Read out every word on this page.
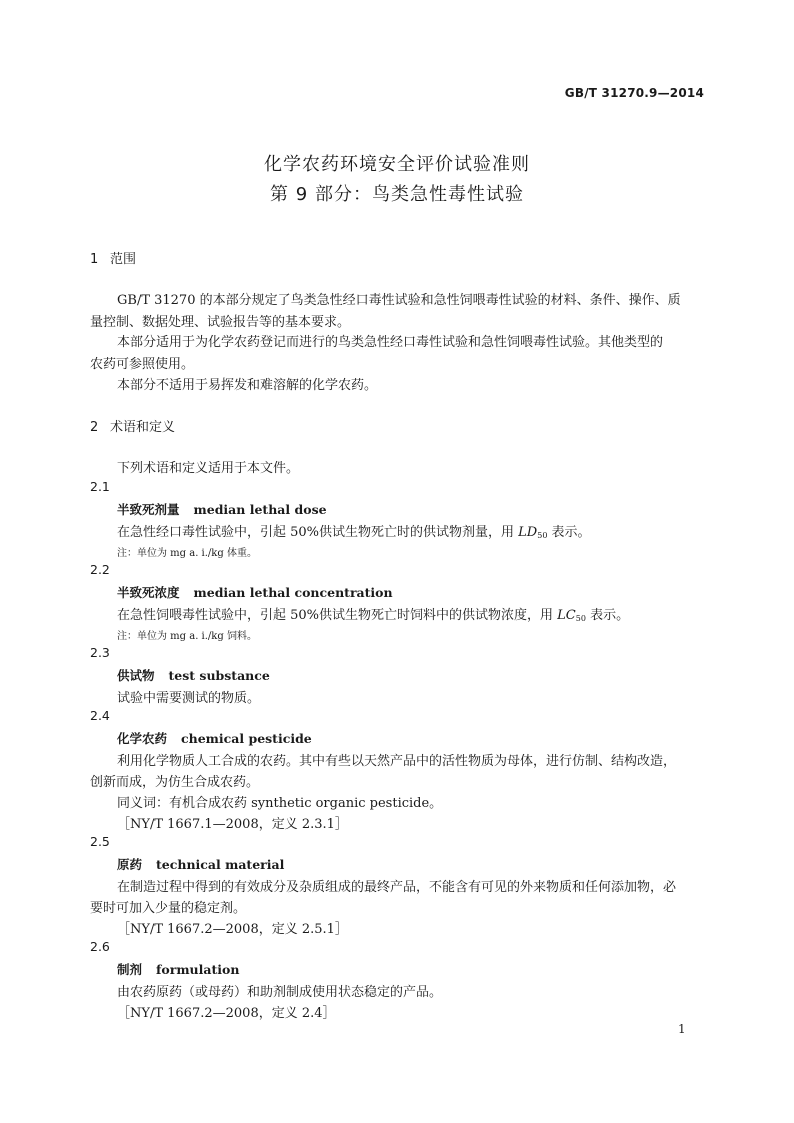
GB/T 31270.9—2014
化学农药环境安全评价试验准则
第 9 部分：鸟类急性毒性试验
1 范围
GB/T 31270 的本部分规定了鸟类急性经口毒性试验和急性饲喂毒性试验的材料、条件、操作、质
量控制、数据处理、试验报告等的基本要求。
本部分适用于为化学农药登记而进行的鸟类急性经口毒性试验和急性饲喂毒性试验。其他类型的
农药可参照使用。
本部分不适用于易挥发和难溶解的化学农药。
2 术语和定义
下列术语和定义适用于本文件。
2.1
半致死剂量 median lethal dose
在急性经口毒性试验中，引起 50%供试生物死亡时的供试物剂量，用 $LD_{50}$ 表示。
注：单位为 mg a. i./kg 体重。
2.2
半致死浓度 median lethal concentration
在急性饲喂毒性试验中，引起 50%供试生物死亡时饲料中的供试物浓度，用 $LC_{50}$ 表示。
注：单位为 mg a. i./kg 饲料。
2.3
供试物 test substance
试验中需要测试的物质。
2.4
化学农药 chemical pesticide
利用化学物质人工合成的农药。其中有些以天然产品中的活性物质为母体，进行仿制、结构改造，
创新而成，为仿生合成农药。
同义词：有机合成农药 synthetic organic pesticide。
［NY/T 1667.1—2008，定义 2.3.1］
2.5
原药 technical material
在制造过程中得到的有效成分及杂质组成的最终产品，不能含有可见的外来物质和任何添加物，必
要时可加入少量的稳定剂。
［NY/T 1667.2—2008，定义 2.5.1］
2.6
制剂 formulation
由农药原药（或母药）和助剂制成使用状态稳定的产品。
［NY/T 1667.2—2008，定义 2.4］
1
